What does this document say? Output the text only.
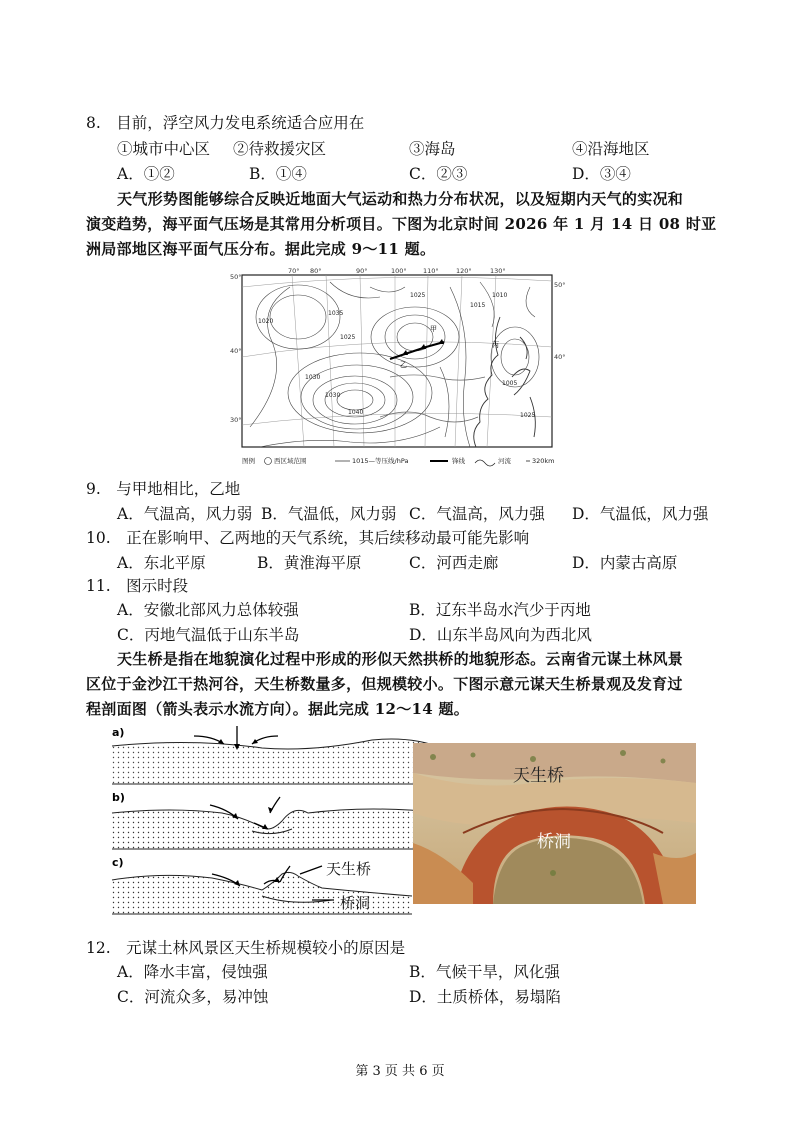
8.　目前，浮空风力发电系统适合应用在
①城市中心区 ②待救援灾区	③海岛	④沿海地区
A．①②	B．①④	C．②③	D．③④
天气形势图能够综合反映近地面大气运动和热力分布状况，以及短期内天气的实况和
演变趋势，海平面气压场是其常用分析项目。下图为北京时间 2026 年 1 月 14 日 08 时亚
洲局部地区海平面气压分布。据此完成 9～11 题。
70° 80°	90°	100°	110°	120°	130°
50°
40°
30°
50°
40°
1035
1020
1025
1030
1040
1030
1025	1010
1005
1015
1025
乙
甲
丙
图例	西区域范围	1015—等压线/hPa	锋线	河流	320km
9.　与甲地相比，乙地
A．气温高，风力弱 B．气温低，风力弱 C．气温高，风力强 D．气温低，风力强
10.　正在影响甲、乙两地的天气系统，其后续移动最可能先影响
A．东北平原	B．黄淮海平原	C．河西走廊	D．内蒙古高原
11.　图示时段
A．安徽北部风力总体较强	B．辽东半岛水汽少于丙地
C．丙地气温低于山东半岛	D．山东半岛风向为西北风
天生桥是指在地貌演化过程中形成的形似天然拱桥的地貌形态。云南省元谋土林风景
区位于金沙江干热河谷，天生桥数量多，但规模较小。下图示意元谋天生桥景观及发育过
程剖面图（箭头表示水流方向）。据此完成 12～14 题。
a)
b)
c)	天生桥
桥洞
天生桥
桥洞
12.　元谋土林风景区天生桥规模较小的原因是
A．降水丰富，侵蚀强	B．气候干旱，风化强
C．河流众多，易冲蚀	D．土质桥体，易塌陷
第 3 页 共 6 页
